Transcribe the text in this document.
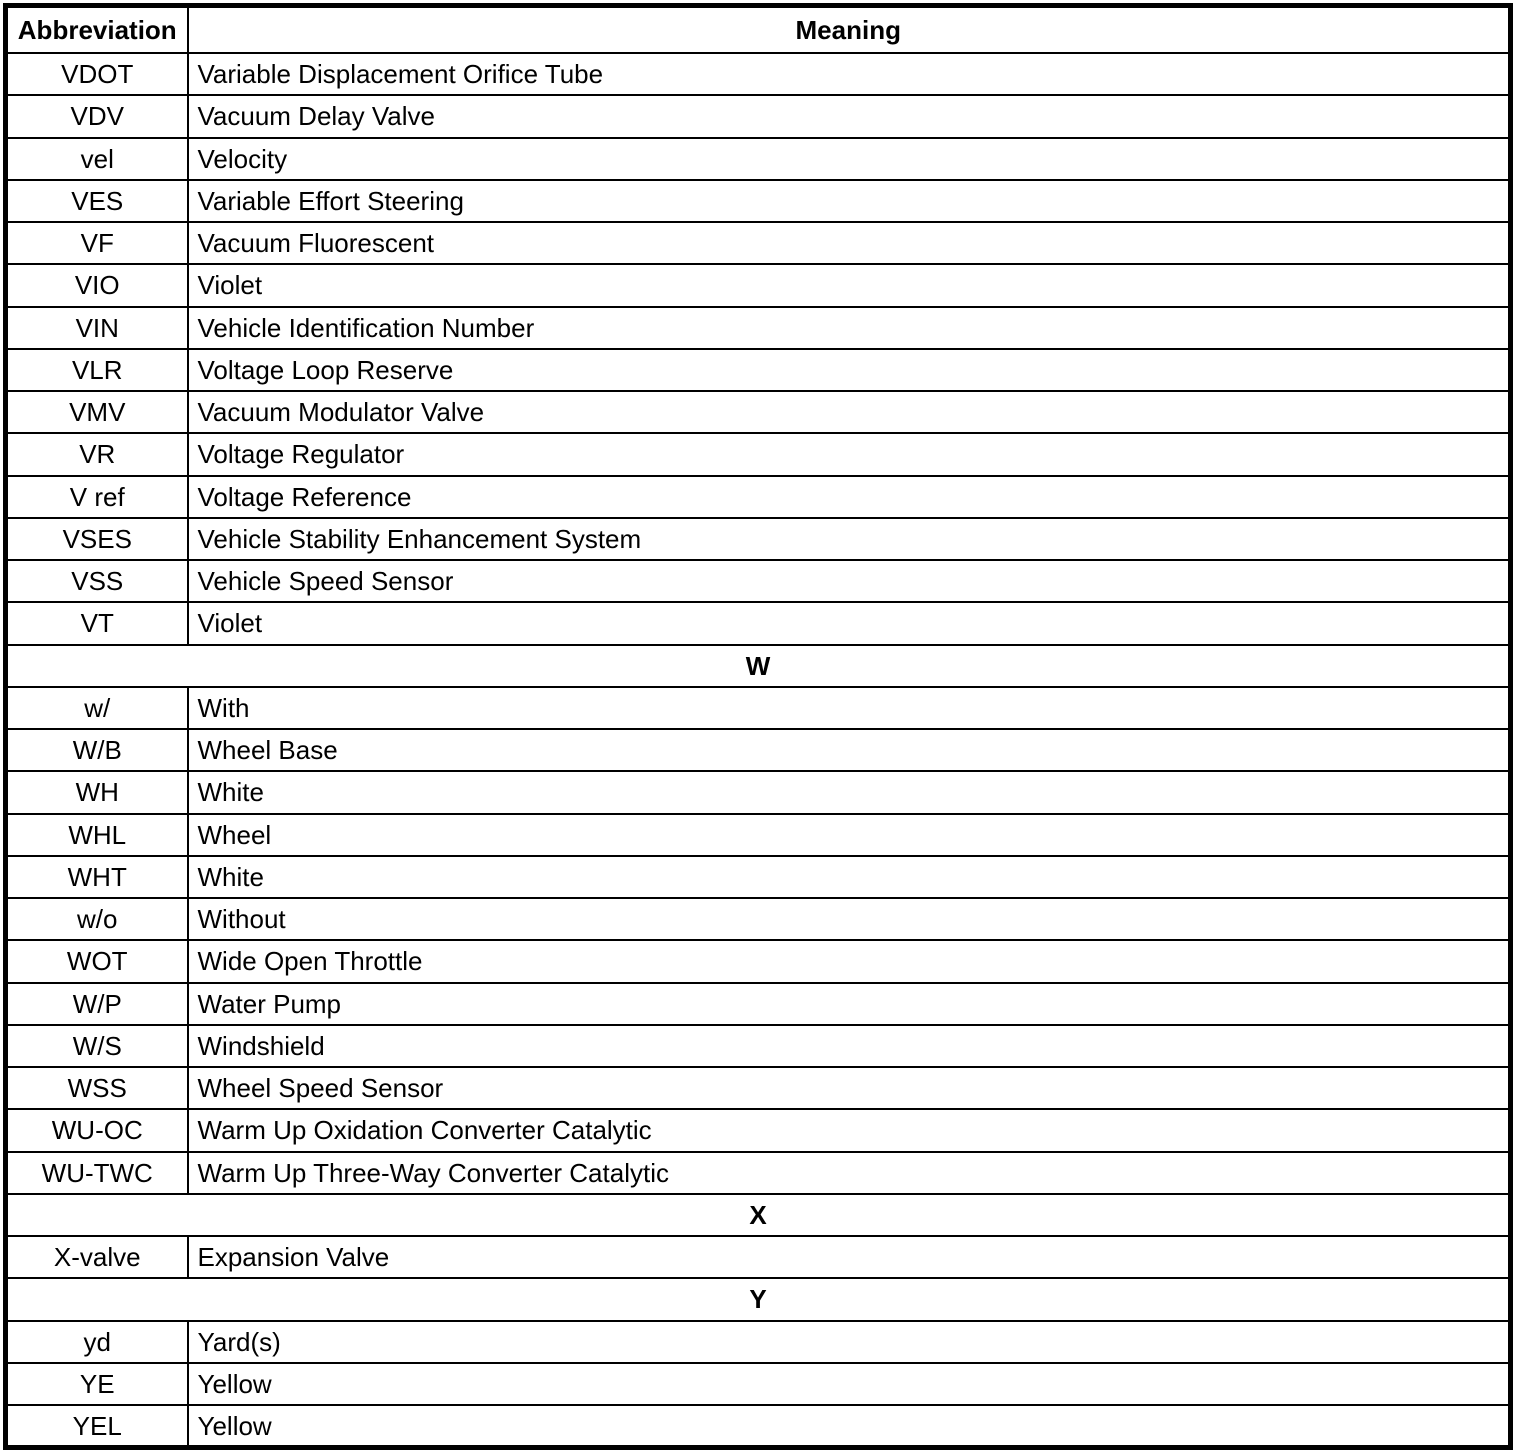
Abbreviation	Meaning
VDOT	Variable Displacement Orifice Tube
VDV	Vacuum Delay Valve
vel	Velocity
VES	Variable Effort Steering
VF	Vacuum Fluorescent
VIO	Violet
VIN	Vehicle Identification Number
VLR	Voltage Loop Reserve
VMV	Vacuum Modulator Valve
VR	Voltage Regulator
V ref	Voltage Reference
VSES	Vehicle Stability Enhancement System
VSS	Vehicle Speed Sensor
VT	Violet
W	
w/	With
W/B	Wheel Base
WH	White
WHL	Wheel
WHT	White
w/o	Without
WOT	Wide Open Throttle
W/P	Water Pump
W/S	Windshield
WSS	Wheel Speed Sensor
WU-OC	Warm Up Oxidation Converter Catalytic
WU-TWC	Warm Up Three-Way Converter Catalytic
X	
X-valve	Expansion Valve
Y	
yd	Yard(s)
YE	Yellow
YEL	Yellow
